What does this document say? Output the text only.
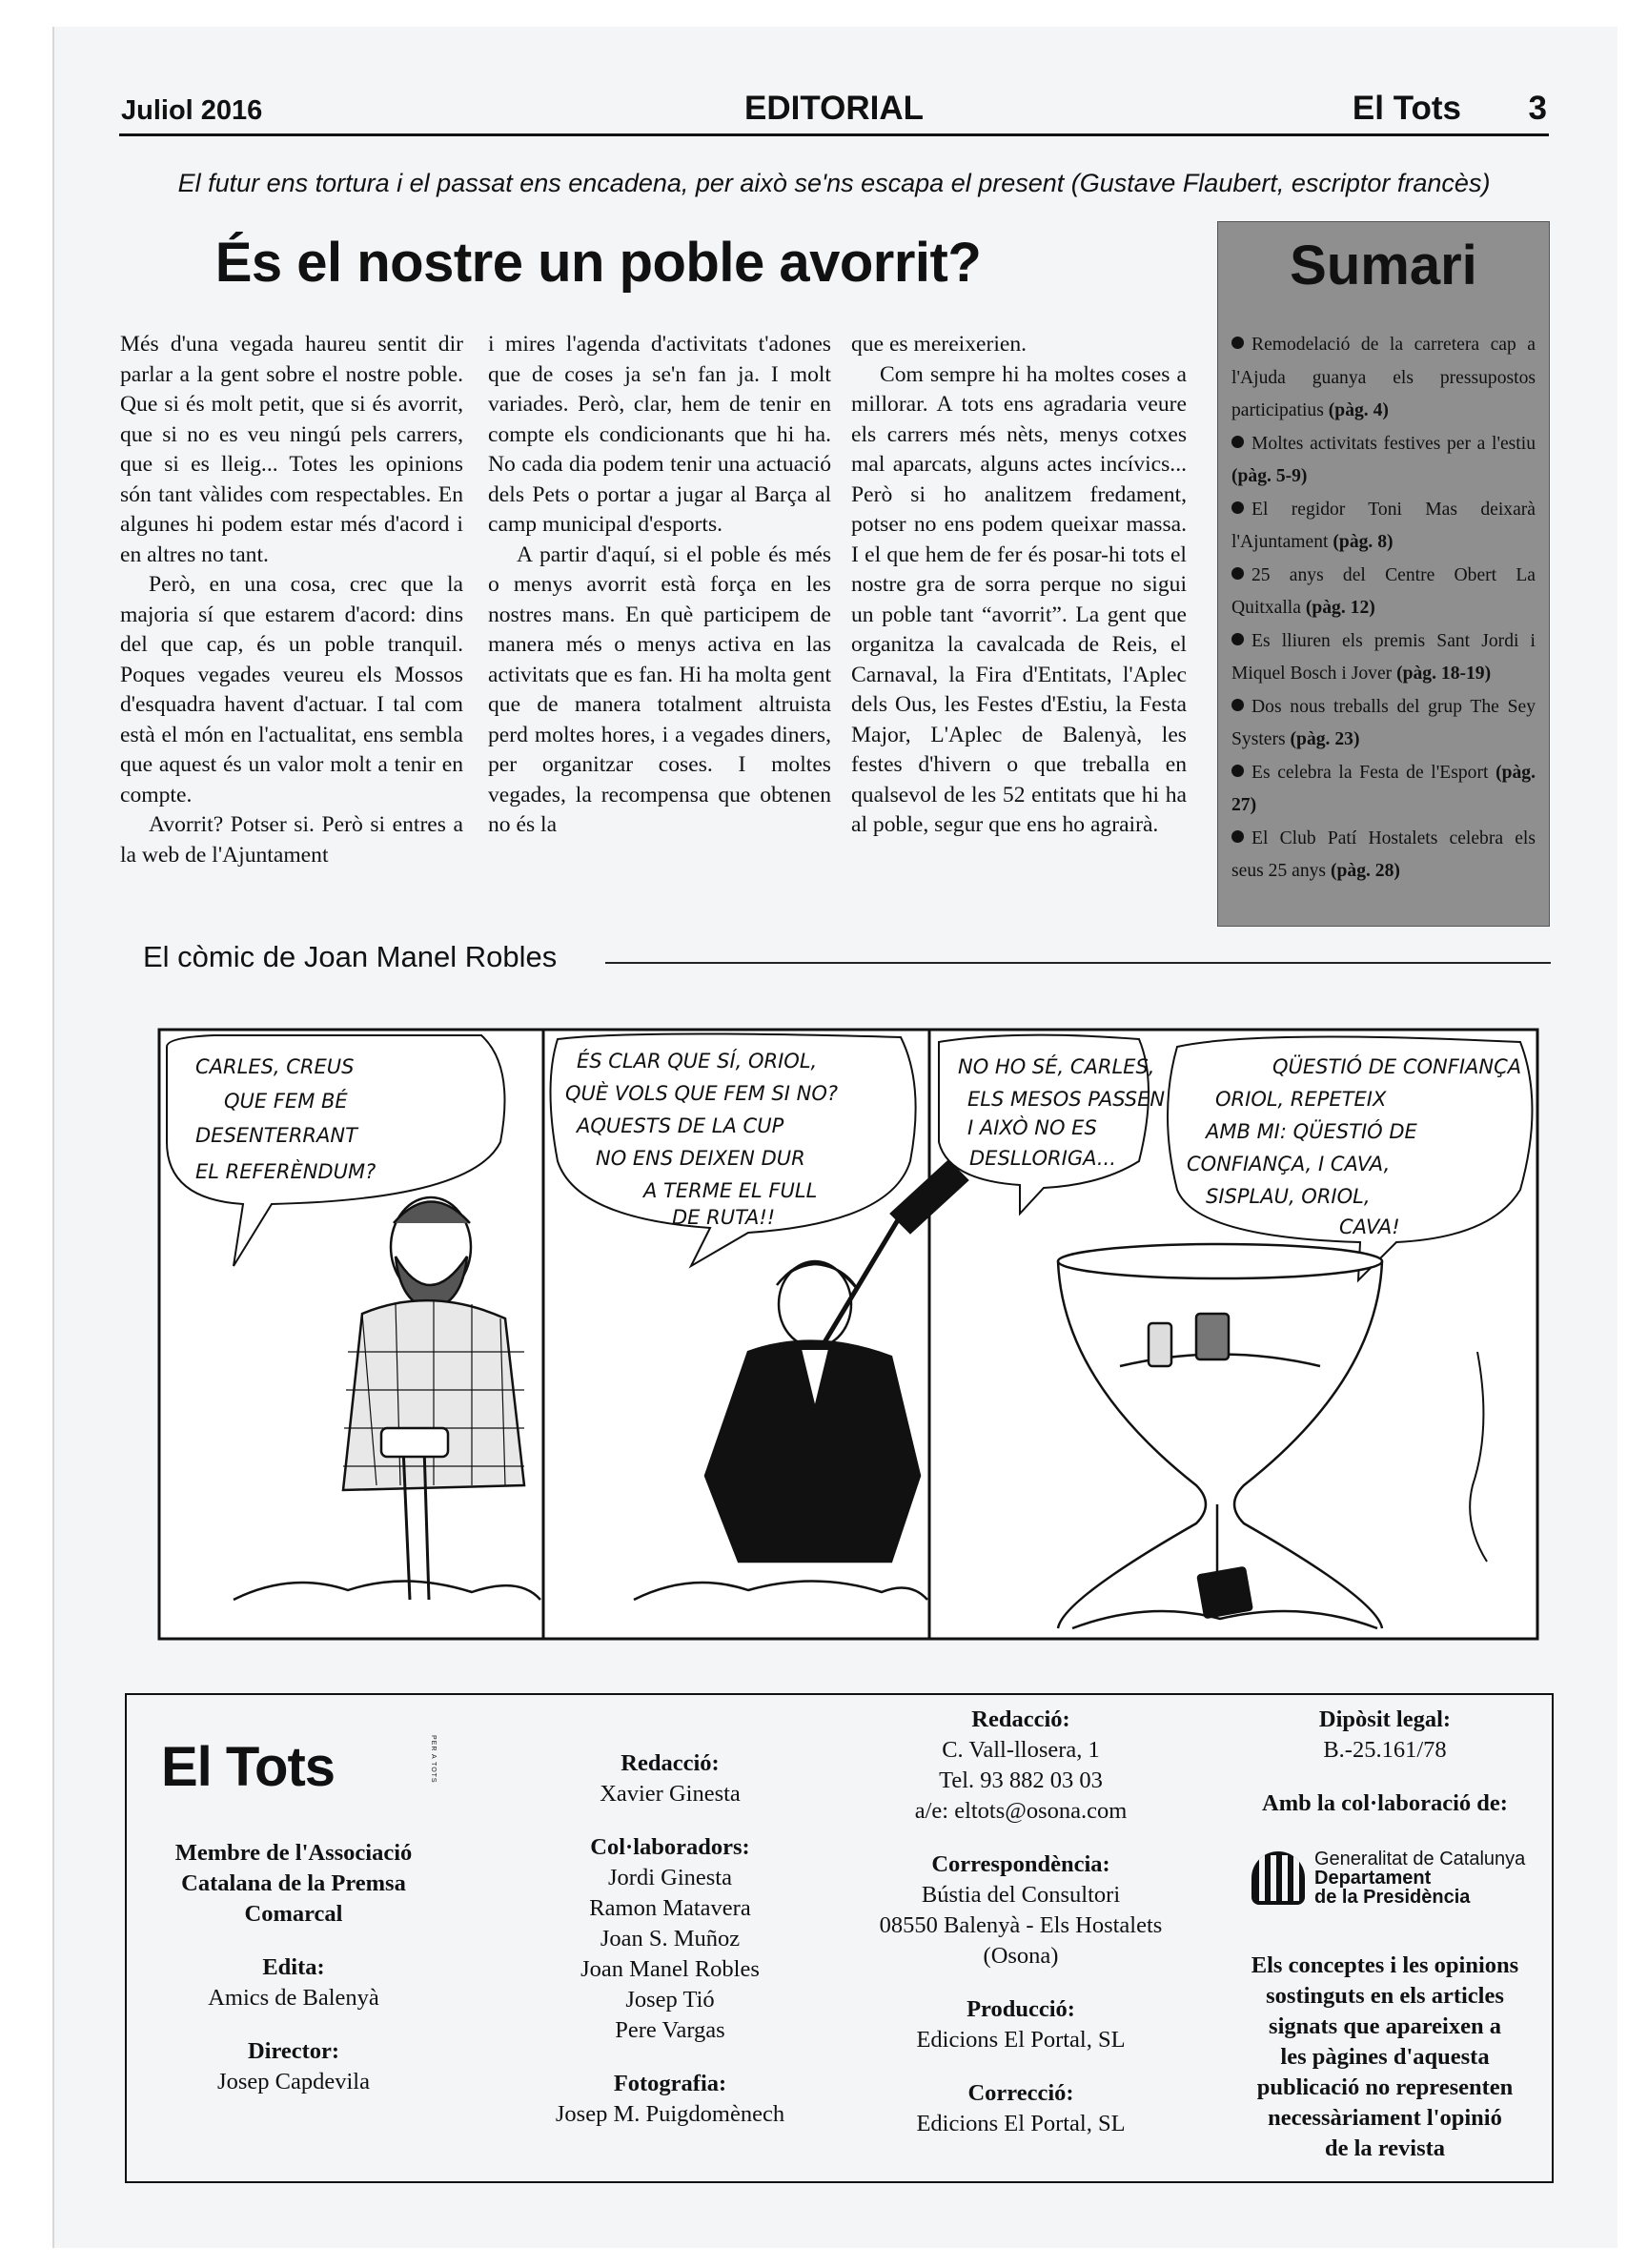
Juliol 2016	EDITORIAL	El Tots 3
El futur ens tortura i el passat ens encadena, per això se'ns escapa el present (Gustave Flaubert, escriptor francès)
És el nostre un poble avorrit?

Més d'una vegada haureu sentit dir parlar a la gent sobre el nostre poble. Que si és molt petit, que si és avorrit, que si no es veu ningú pels carrers, que si es lleig... Totes les opinions són tant vàlides com respectables. En algunes hi podem estar més d'acord i en altres no tant.

Però, en una cosa, crec que la majoria sí que estarem d'acord: dins del que cap, és un poble tranquil. Poques vegades veureu els Mossos d'esquadra havent d'actuar. I tal com està el món en l'actualitat, ens sembla que aquest és un valor molt a tenir en compte.

Avorrit? Potser si. Però si entres a la web de l'Ajuntament

i mires l'agenda d'activitats t'adones que de coses ja se'n fan ja. I molt variades. Però, clar, hem de tenir en compte els condicionants que hi ha. No cada dia podem tenir una actuació dels Pets o portar a jugar al Barça al camp municipal d'esports.

A partir d'aquí, si el poble és més o menys avorrit està força en les nostres mans. En què participem de manera més o menys activa en las activitats que es fan. Hi ha molta gent que de manera totalment altruista perd moltes hores, i a vegades diners, per organitzar coses. I moltes vegades, la recompensa que obtenen no és la

que es mereixerien.

Com sempre hi ha moltes coses a millorar. A tots ens agradaria veure els carrers més nèts, menys cotxes mal aparcats, alguns actes incívics... Però si ho analitzem fredament, potser no ens podem queixar massa. I el que hem de fer és posar-hi tots el nostre gra de sorra perque no sigui un poble tant “avorrit”. La gent que organitza la cavalcada de Reis, el Carnaval, la Fira d'Entitats, l'Aplec dels Ous, les Festes d'Estiu, la Festa Major, L'Aplec de Balenyà, les festes d'hivern o que treballa en qualsevol de les 52 entitats que hi ha al poble, segur que ens ho agrairà.

Sumari
Remodelació de la carretera cap a l'Ajuda guanya els pressupostos participatius (pàg. 4)
Moltes activitats festives per a l'estiu (pàg. 5-9)
El regidor Toni Mas deixarà l'Ajuntament (pàg. 8)
25 anys del Centre Obert La Quitxalla (pàg. 12)
Es lliuren els premis Sant Jordi i Miquel Bosch i Jover (pàg. 18-19)
Dos nous treballs del grup The Sey Systers (pàg. 23)
Es celebra la Festa de l'Esport (pàg. 27)
El Club Patí Hostalets celebra els seus 25 anys (pàg. 28)
El còmic de Joan Manel Robles
CARLES, CREUS
QUE FEM BÉ
DESENTERRANT
EL REFERÈNDUM?
ÉS CLAR QUE SÍ, ORIOL,
QUÈ VOLS QUE FEM SI NO?
AQUESTS DE LA CUP
NO ENS DEIXEN DUR
A TERME EL FULL
DE RUTA!!
NO HO SÉ, CARLES,
ELS MESOS PASSEN
I AIXÒ NO ES
DESLLORIGA...
QÜESTIÓ DE CONFIANÇA
ORIOL, REPETEIX
AMB MI: QÜESTIÓ DE
CONFIANÇA, I CAVA,
SISPLAU, ORIOL,
CAVA!
RUI
El Tots	PER A TOTS
Membre de l'Associació
Catalana de la Premsa
Comarcal
Edita:
Amics de Balenyà
Director:
Josep Capdevila
Redacció:
Xavier Ginesta
Col·laboradors:
Jordi Ginesta
Ramon Matavera
Joan S. Muñoz
Joan Manel Robles
Josep Tió
Pere Vargas
Fotografia:
Josep M. Puigdomènech
Redacció:
C. Vall-llosera, 1
Tel. 93 882 03 03
a/e: eltots@osona.com
Correspondència:
Bústia del Consultori
08550 Balenyà - Els Hostalets
(Osona)
Producció:
Edicions El Portal, SL
Correcció:
Edicions El Portal, SL
Dipòsit legal:
B.-25.161/78
Amb la col·laboració de:
Generalitat de Catalunya
Departament
de la Presidència
Els conceptes i les opinions
sostinguts en els articles
signats que apareixen a
les pàgines d'aquesta
publicació no representen
necessàriament l'opinió
de la revista
